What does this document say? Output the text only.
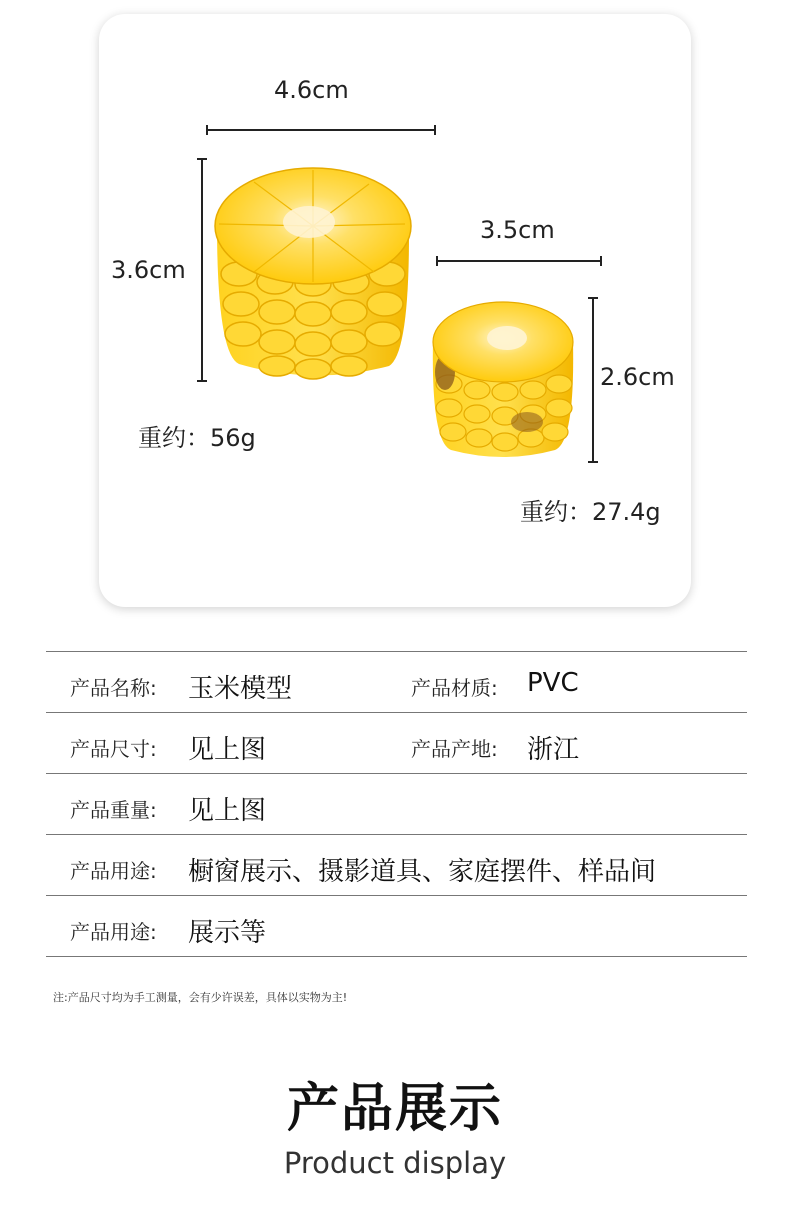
4.6cm
3.6cm
重约：56g
3.5cm
2.6cm
重约：27.4g
产品名称: 玉米模型	产品材质: PVC
产品尺寸: 见上图	产品产地: 浙江
产品重量: 见上图
产品用途: 橱窗展示、摄影道具、家庭摆件、样品间
产品用途: 展示等
注:产品尺寸均为手工测量，会有少许误差，具体以实物为主!
产品展示
Product display
